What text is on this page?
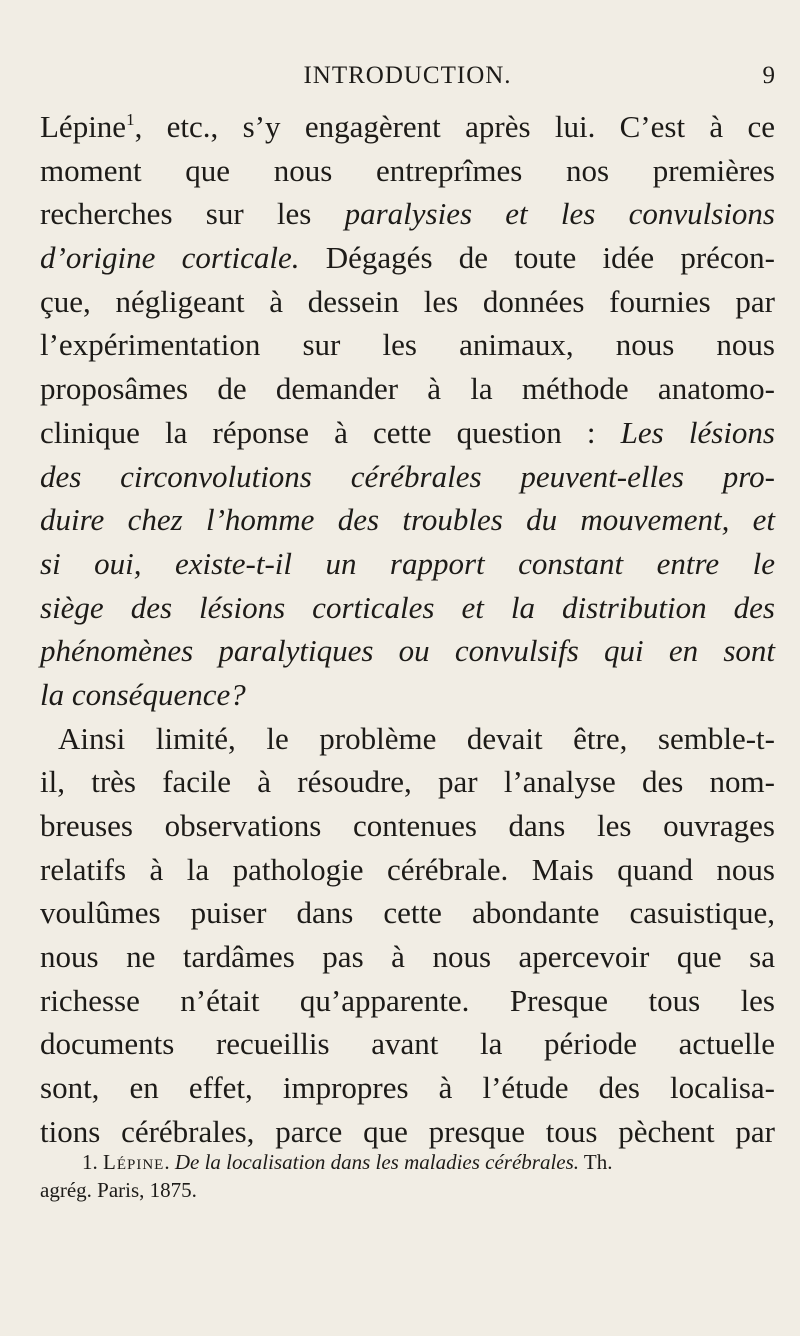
INTRODUCTION.	9
Lépine$^1$, etc., s’y engagèrent après lui. C’est à ce
moment que nous entreprîmes nos premières
recherches sur les paralysies et les convulsions
d’origine corticale. Dégagés de toute idée précon-
çue, négligeant à dessein les données fournies par
l’expérimentation sur les animaux, nous nous
proposâmes de demander à la méthode anatomo-
clinique la réponse à cette question : Les lésions
des circonvolutions cérébrales peuvent-elles pro-
duire chez l’homme des troubles du mouvement, et
si oui, existe-t-il un rapport constant entre le
siège des lésions corticales et la distribution des
phénomènes paralytiques ou convulsifs qui en sont
la conséquence?
Ainsi limité, le problème devait être, semble-t-
il, très facile à résoudre, par l’analyse des nom-
breuses observations contenues dans les ouvrages
relatifs à la pathologie cérébrale. Mais quand nous
voulûmes puiser dans cette abondante casuistique,
nous ne tardâmes pas à nous apercevoir que sa
richesse n’était qu’apparente. Presque tous les
documents recueillis avant la période actuelle
sont, en effet, impropres à l’étude des localisa-
tions cérébrales, parce que presque tous pèchent par
1. Lépine. De la localisation dans les maladies cérébrales. Th.
agrég. Paris, 1875.
